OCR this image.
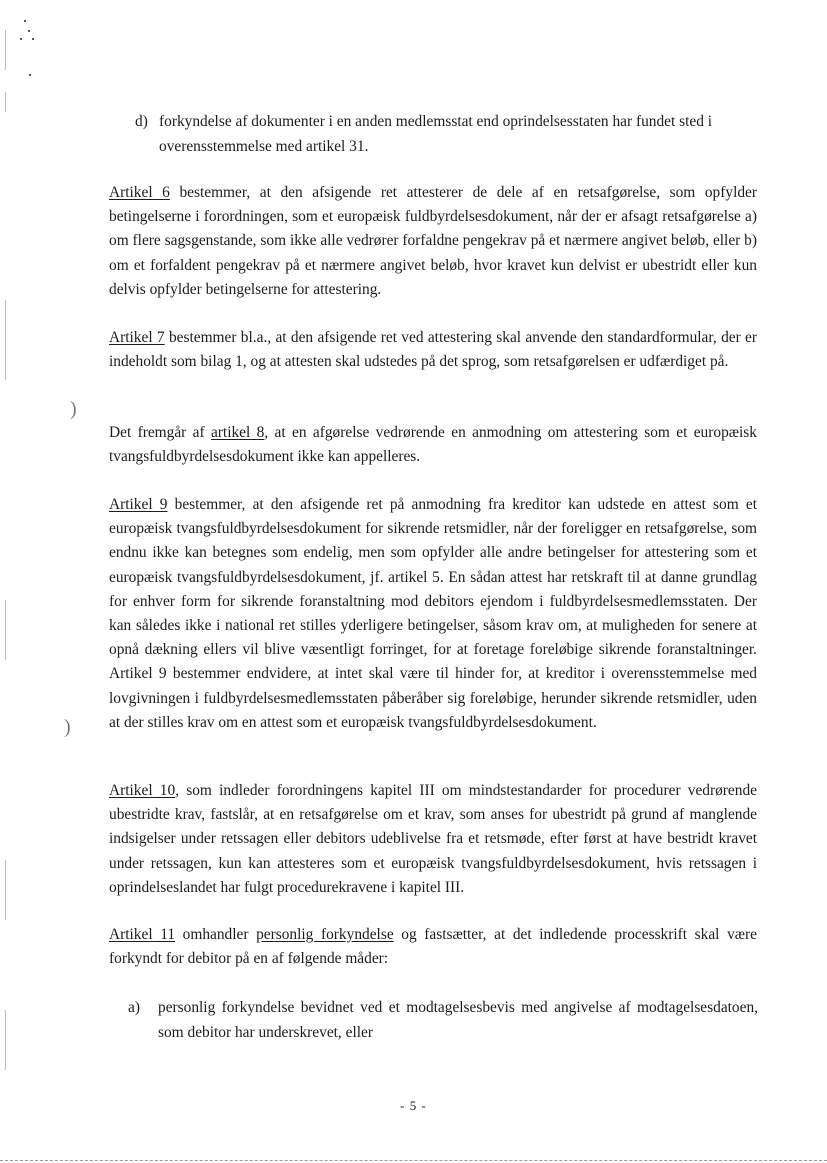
)
)
d) forkyndelse af dokumenter i en anden medlemsstat end oprindelsesstaten har fundet sted i overensstemmelse med artikel 31.

Artikel 6 bestemmer, at den afsigende ret attesterer de dele af en retsafgørelse, som opfylder betingelserne i forordningen, som et europæisk fuldbyrdelsesdokument, når der er afsagt retsafgørelse a) om flere sagsgenstande, som ikke alle vedrører forfaldne pengekrav på et nærmere angivet beløb, eller b) om et forfaldent pengekrav på et nærmere angivet beløb, hvor kravet kun delvist er ubestridt eller kun delvis opfylder betingelserne for attestering.

Artikel 7 bestemmer bl.a., at den afsigende ret ved attestering skal anvende den standardformular, der er indeholdt som bilag 1, og at attesten skal udstedes på det sprog, som retsafgørelsen er udfærdiget på.

Det fremgår af artikel 8, at en afgørelse vedrørende en anmodning om attestering som et europæisk tvangsfuldbyrdelsesdokument ikke kan appelleres.

Artikel 9 bestemmer, at den afsigende ret på anmodning fra kreditor kan udstede en attest som et europæisk tvangsfuldbyrdelsesdokument for sikrende retsmidler, når der foreligger en retsafgørelse, som endnu ikke kan betegnes som endelig, men som opfylder alle andre betingelser for attestering som et europæisk tvangsfuldbyrdelsesdokument, jf. artikel 5. En sådan attest har retskraft til at danne grundlag for enhver form for sikrende foranstaltning mod debitors ejendom i fuldbyrdelsesmedlemsstaten. Der kan således ikke i national ret stilles yderligere betingelser, såsom krav om, at muligheden for senere at opnå dækning ellers vil blive væsentligt forringet, for at foretage foreløbige sikrende foranstaltninger. Artikel 9 bestemmer endvidere, at intet skal være til hinder for, at kreditor i overensstemmelse med lovgivningen i fuldbyrdelsesmedlemsstaten påberåber sig foreløbige, herunder sikrende retsmidler, uden at der stilles krav om en attest som et europæisk tvangsfuldbyrdelsesdokument.

Artikel 10, som indleder forordningens kapitel III om mindstestandarder for procedurer vedrørende ubestridte krav, fastslår, at en retsafgørelse om et krav, som anses for ubestridt på grund af manglende indsigelser under retssagen eller debitors udeblivelse fra et retsmøde, efter først at have bestridt kravet under retssagen, kun kan attesteres som et europæisk tvangsfuldbyrdelsesdokument, hvis retssagen i oprindelseslandet har fulgt procedurekravene i kapitel III.

Artikel 11 omhandler personlig forkyndelse og fastsætter, at det indledende processkrift skal være forkyndt for debitor på en af følgende måder:

a) personlig forkyndelse bevidnet ved et modtagelsesbevis med angivelse af modtagelsesdatoen, som debitor har underskrevet, eller
- 5 -
